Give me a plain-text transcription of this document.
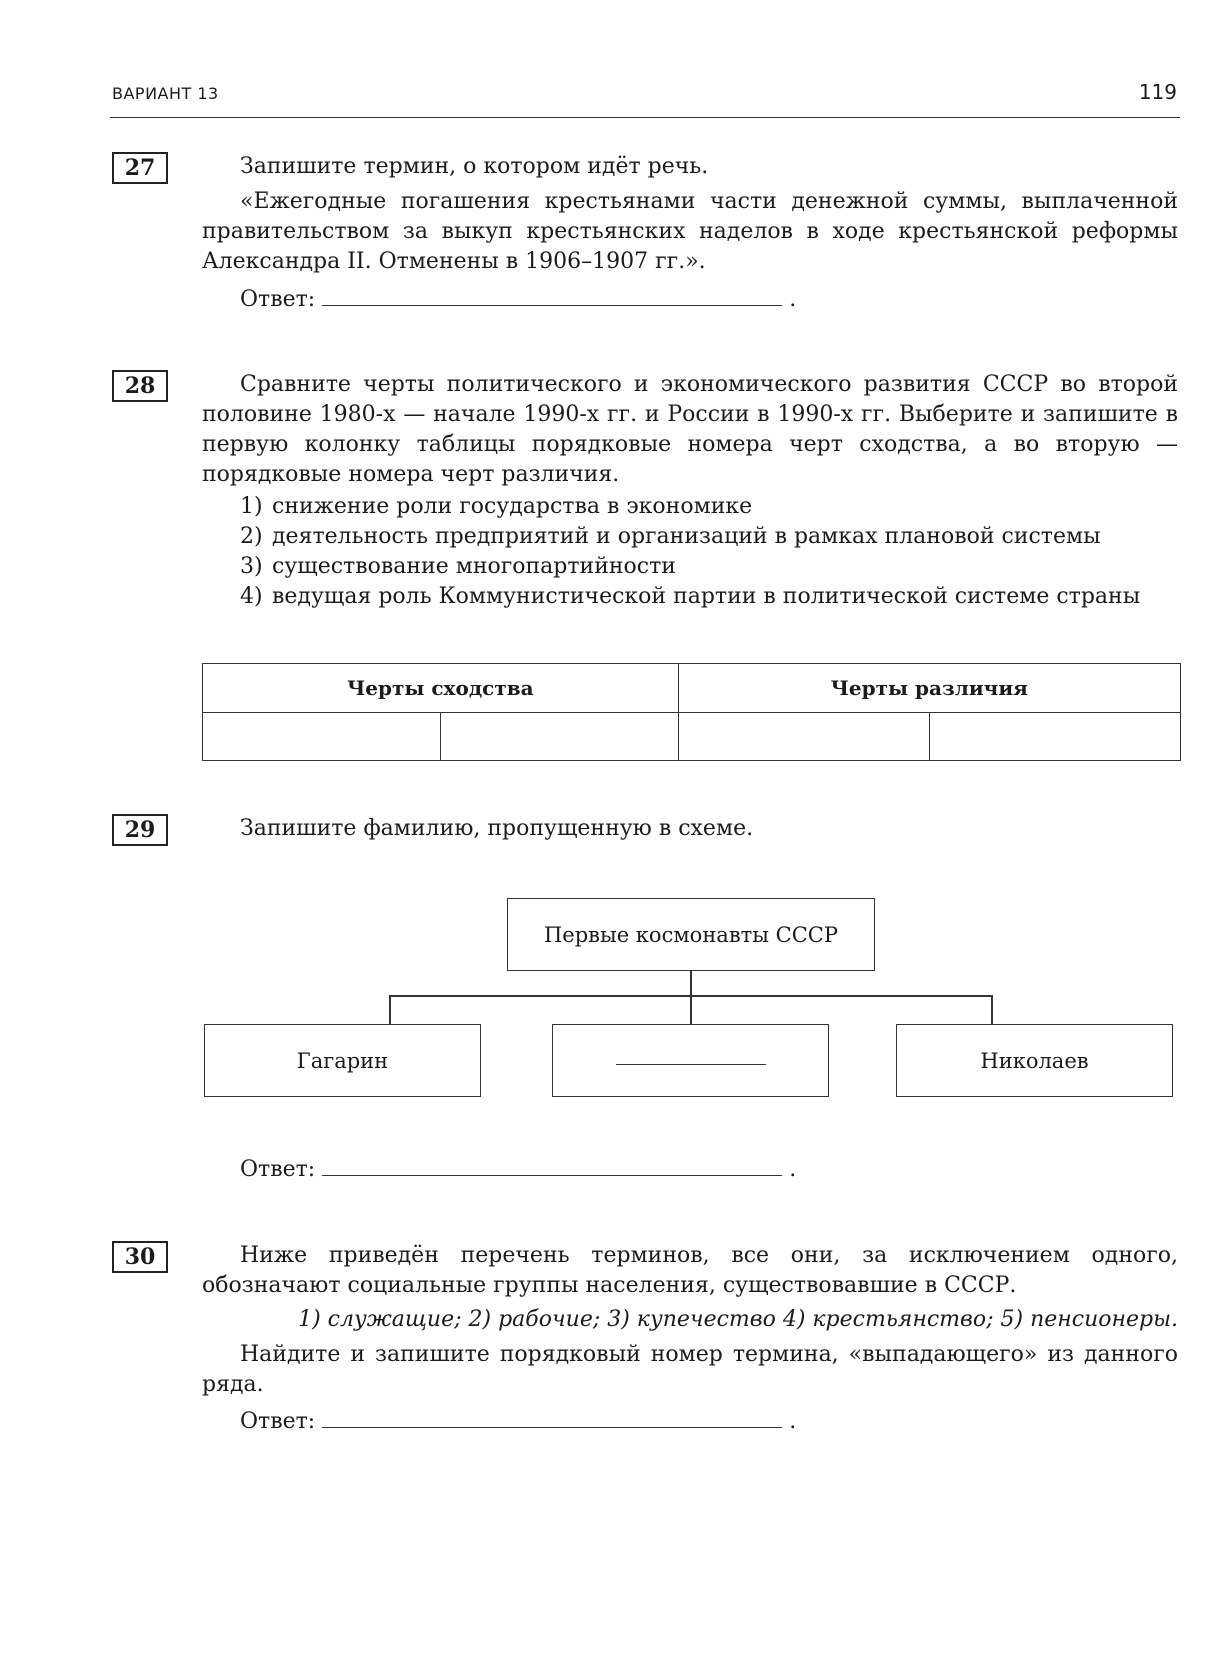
ВАРИАНТ 13	119
27	Запишите термин, о котором идёт речь.
«Ежегодные погашения крестьянами части денежной суммы, выплаченной правительством за выкуп крестьянских наделов в ходе крестьянской реформы Александра II. Отменены в 1906–1907 гг.».
Ответ:	.
28	Сравните черты политического и экономического развития СССР во второй половине 1980-х — начале 1990-х гг. и России в 1990-х гг. Выберите и запишите в первую колонку таблицы порядковые номера черт сходства, а во вторую — порядковые номера черт различия.
1) снижение роли государства в экономике
2) деятельность предприятий и организаций в рамках плановой системы
3) существование многопартийности
4) ведущая роль Коммунистической партии в политической системе страны
Черты сходства		Черты различия	

29	Запишите фамилию, пропущенную в схеме.
Первые космонавты СССР
Гагарин	Николаев
Ответ:	.
30	Ниже приведён перечень терминов, все они, за исключением одного, обозначают социальные группы населения, существовавшие в СССР.
1) служащие; 2) рабочие; 3) купечество 4) крестьянство; 5) пенсионеры.
Найдите и запишите порядковый номер термина, «выпадающего» из данного ряда.
Ответ:	.
